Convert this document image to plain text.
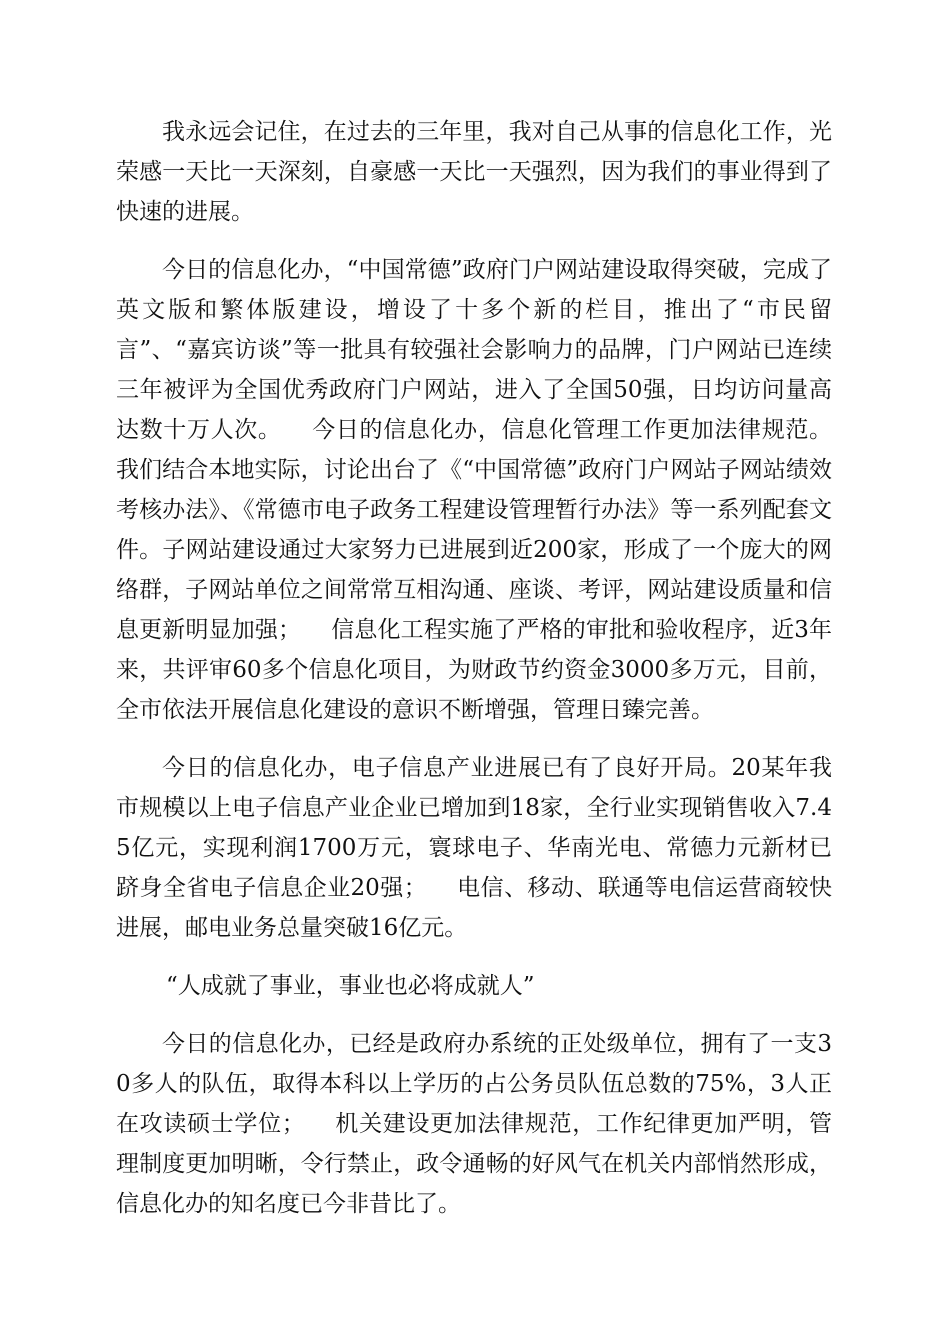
我永远会记住，在过去的三年里，我对自己从事的信息化工作，光荣感一天比一天深刻，自豪感一天比一天强烈，因为我们的事业得到了快速的进展。

今日的信息化办，“中国常德”政府门户网站建设取得突破，完成了英文版和繁体版建设，增设了十多个新的栏目，推出了“市民留言”、“嘉宾访谈”等一批具有较强社会影响力的品牌，门户网站已连续三年被评为全国优秀政府门户网站，进入了全国50强，日均访问量高达数十万人次。 今日的信息化办，信息化管理工作更加法律规范。我们结合本地实际，讨论出台了《“中国常德”政府门户网站子网站绩效考核办法》、《常德市电子政务工程建设管理暂行办法》等一系列配套文件。子网站建设通过大家努力已进展到近200家，形成了一个庞大的网络群，子网站单位之间常常互相沟通、座谈、考评，网站建设质量和信息更新明显加强； 信息化工程实施了严格的审批和验收程序，近3年来，共评审60多个信息化项目，为财政节约资金3000多万元，目前，全市依法开展信息化建设的意识不断增强，管理日臻完善。

今日的信息化办，电子信息产业进展已有了良好开局。20某年我市规模以上电子信息产业企业已增加到18家，全行业实现销售收入7.45亿元，实现利润1700万元，寰球电子、华南光电、常德力元新材已跻身全省电子信息企业20强； 电信、移动、联通等电信运营商较快进展，邮电业务总量突破16亿元。

“人成就了事业，事业也必将成就人”

今日的信息化办，已经是政府办系统的正处级单位，拥有了一支30多人的队伍，取得本科以上学历的占公务员队伍总数的75%，3人正在攻读硕士学位； 机关建设更加法律规范，工作纪律更加严明，管理制度更加明晰，令行禁止，政令通畅的好风气在机关内部悄然形成，信息化办的知名度已今非昔比了。
